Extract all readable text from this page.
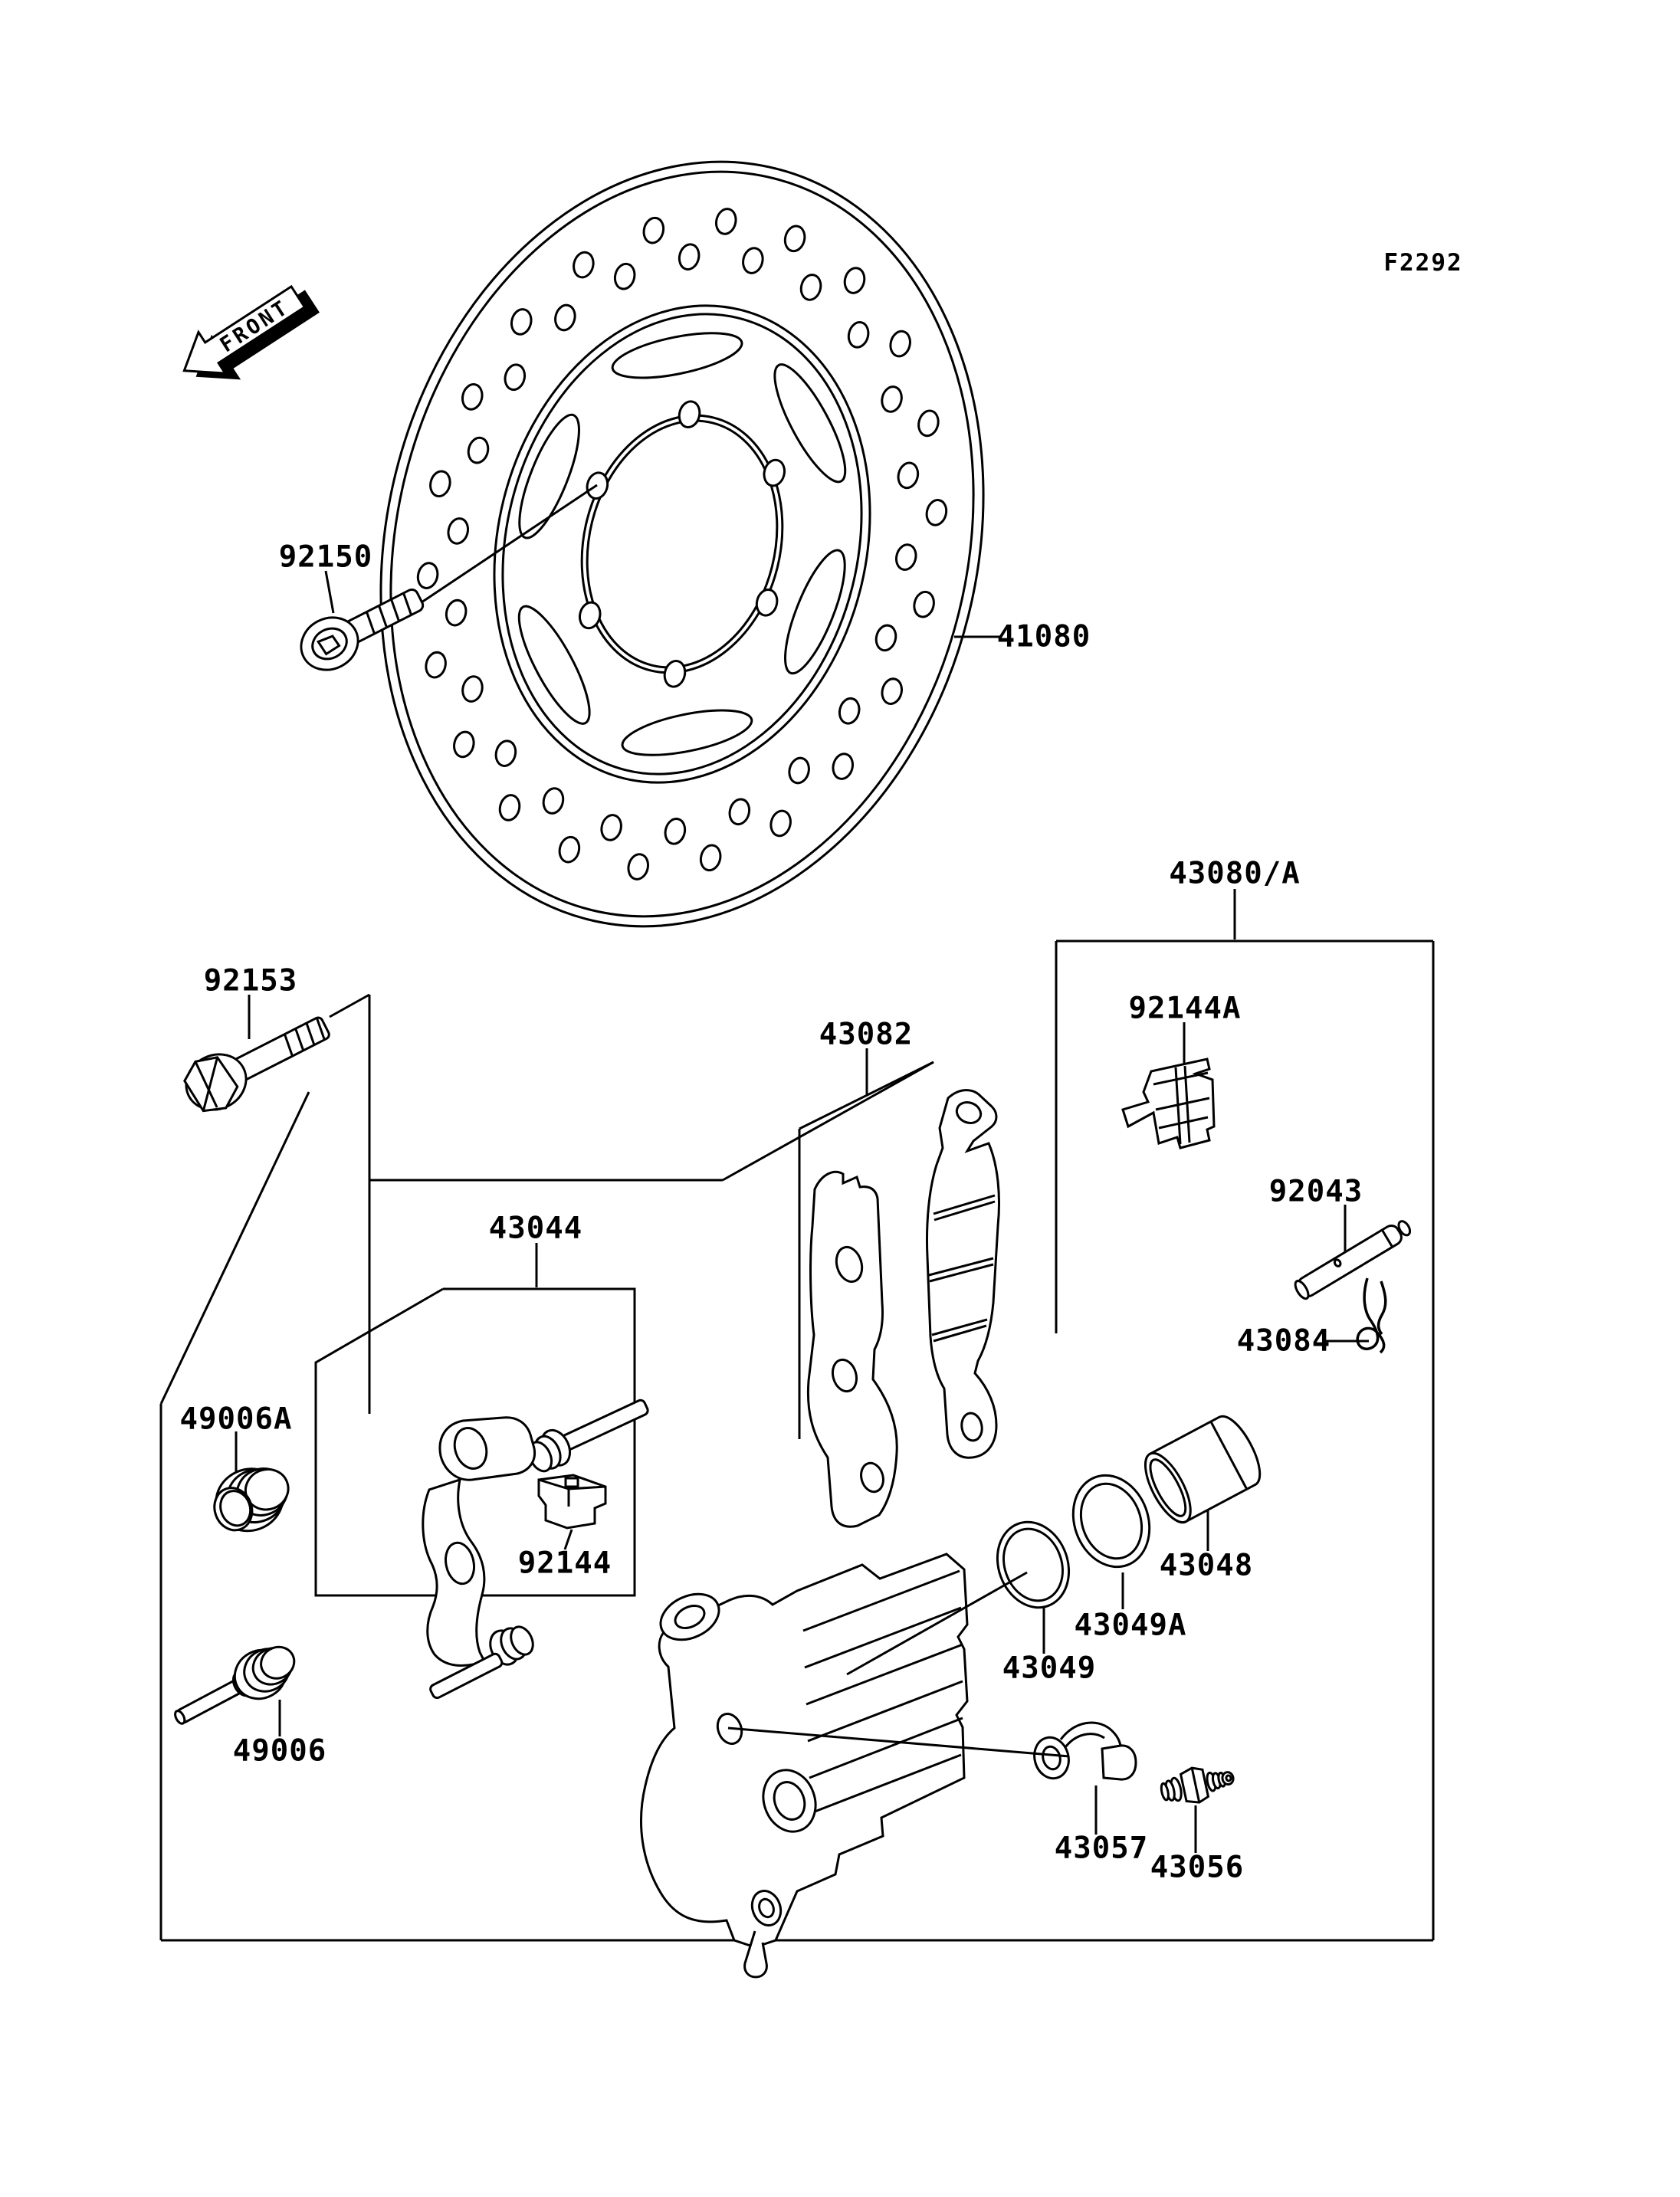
FRONT
F2292
41080
92150
92153
43044
43082
43080/A
92144A
92043
43084
49006A
92144	43048
43049A
43049
49006
43057
43056
